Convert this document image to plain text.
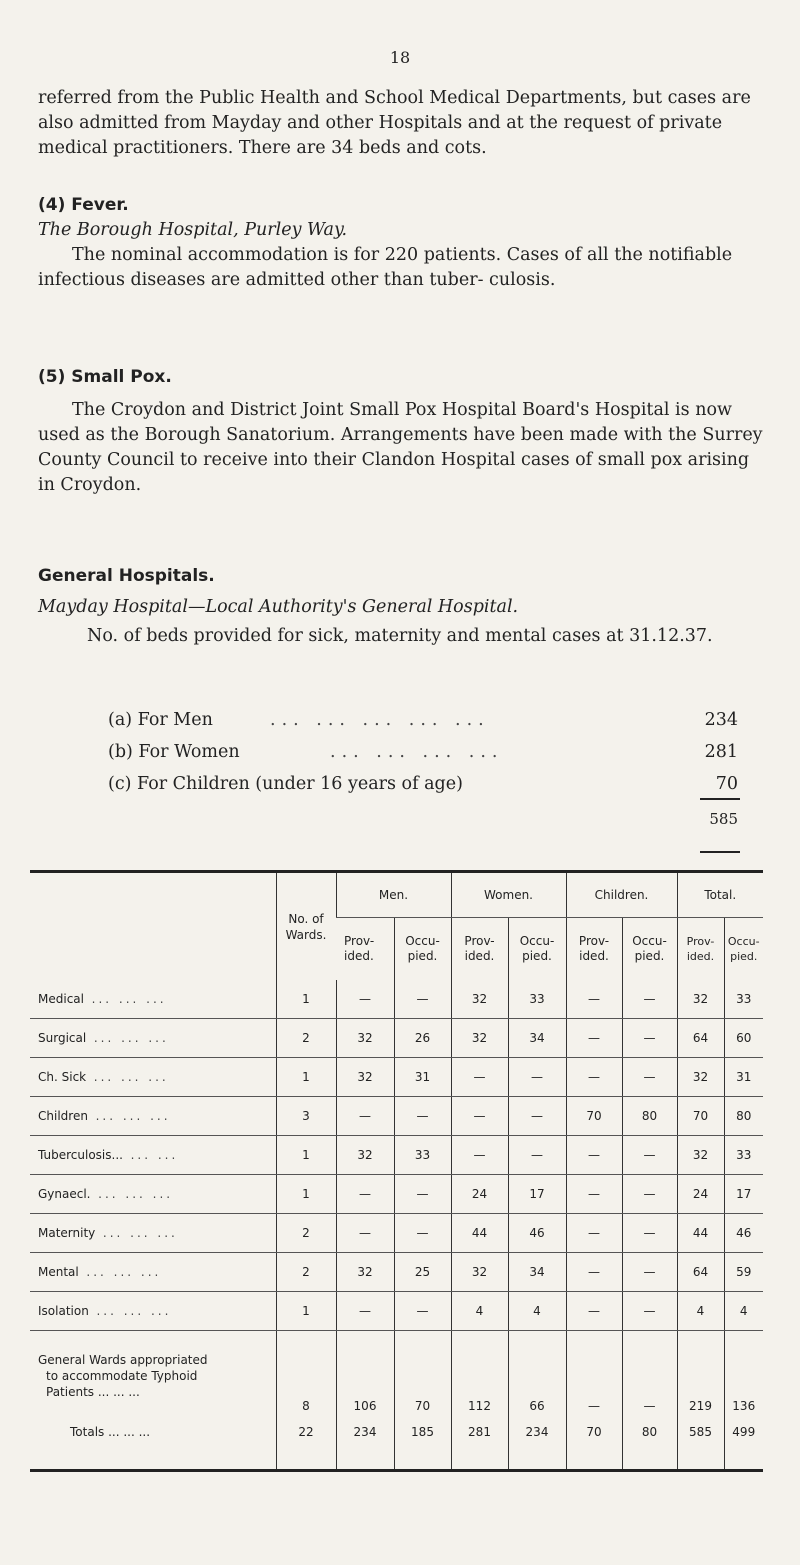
18

referred from the Public Health and School Medical Departments, but cases are also admitted from Mayday and other Hospitals and at the request of private medical practitioners. There are 34 beds and cots.

(4) Fever.

The Borough Hospital, Purley Way.

The nominal accommodation is for 220 patients. Cases of all the notifiable infectious diseases are admitted other than tuber- culosis.

(5) Small Pox.

The Croydon and District Joint Small Pox Hospital Board's Hospital is now used as the Borough Sanatorium. Arrangements have been made with the Surrey County Council to receive into their Clandon Hospital cases of small pox arising in Croydon.

General Hospitals.

Mayday Hospital—Local Authority's General Hospital.

No. of beds provided for sick, maternity and mental cases at 31.12.37.

(a) For Men	... ... ... ... ...	234
(b) For Women	... ... ... ...	281
(c) For Children (under 16 years of age)	70
585
	No. of Wards.	Men.		Women.		Children.		Total.	
		Prov- ided.	Occu- pied.	Prov- ided.	Occu- pied.	Prov- ided.	Occu- pied.	Prov- ided.	Occu- pied.
Medical ... ... ...	1	—	—	32	33	—	—	32	33
Surgical ... ... ...	2	32	26	32	34	—	—	64	60
Ch. Sick ... ... ...	1	32	31	—	—	—	—	32	31
Children ... ... ...	3	—	—	—	—	70	80	70	80
Tuberculosis... ... ...	1	32	33	—	—	—	—	32	33
Gynaecl. ... ... ...	1	—	—	24	17	—	—	24	17
Maternity ... ... ...	2	—	—	44	46	—	—	44	46
Mental ... ... ...	2	32	25	32	34	—	—	64	59
Isolation ... ... ...	1	—	—	4	4	—	—	4	4

General Wards appropriated
to accommodate Typhoid
Patients ... ... ...	8	106	70	112	66	—	—	219	136
Totals ... ... ...	22	234	185	281	234	70	80	585	499
